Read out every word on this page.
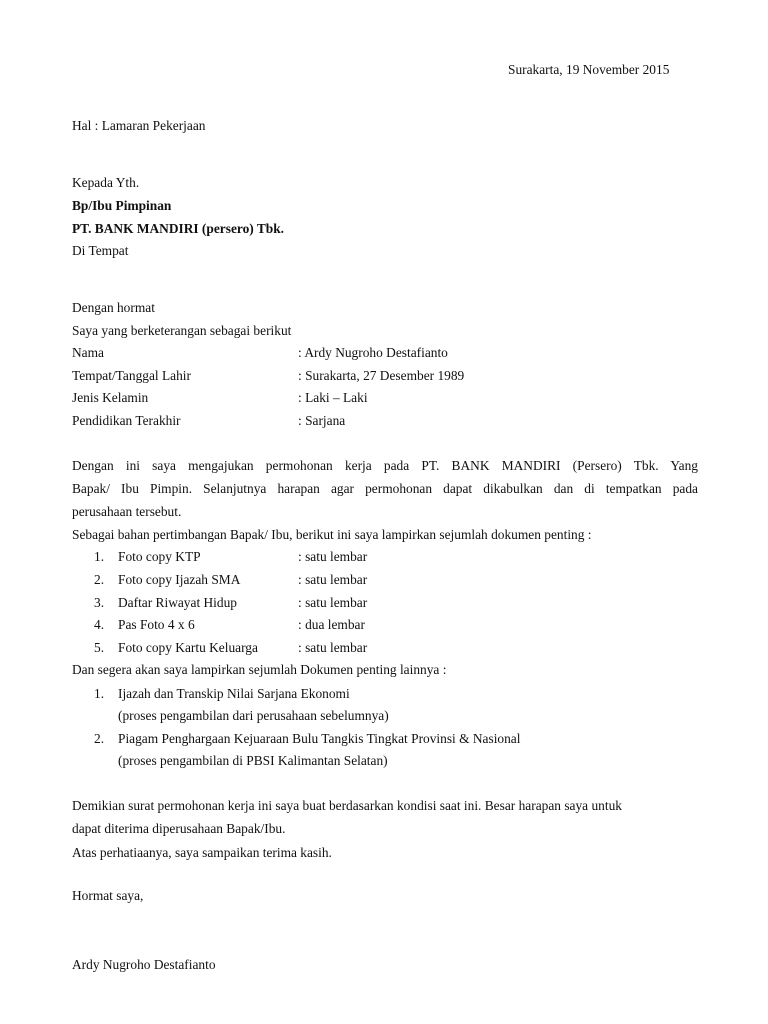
Surakarta, 19 November 2015
Hal : Lamaran Pekerjaan
Kepada Yth.
Bp/Ibu Pimpinan
PT. BANK MANDIRI (persero) Tbk.
Di Tempat
Dengan hormat
Saya yang berketerangan sebagai berikut
Nama	: Ardy Nugroho Destafianto
Tempat/Tanggal Lahir	: Surakarta, 27 Desember 1989
Jenis Kelamin	: Laki – Laki
Pendidikan Terakhir	: Sarjana
Dengan ini saya mengajukan permohonan kerja pada PT. BANK MANDIRI (Persero) Tbk. Yang
Bapak/ Ibu Pimpin. Selanjutnya harapan agar permohonan dapat dikabulkan dan di tempatkan pada
perusahaan tersebut.
Sebagai bahan pertimbangan Bapak/ Ibu, berikut ini saya lampirkan sejumlah dokumen penting :
1. Foto copy KTP	: satu lembar
2. Foto copy Ijazah SMA	: satu lembar
3. Daftar Riwayat Hidup	: satu lembar
4. Pas Foto 4 x 6	: dua lembar
5. Foto copy Kartu Keluarga	: satu lembar
Dan segera akan saya lampirkan sejumlah Dokumen penting lainnya :
1. Ijazah dan Transkip Nilai Sarjana Ekonomi
(proses pengambilan dari perusahaan sebelumnya)
2. Piagam Penghargaan Kejuaraan Bulu Tangkis Tingkat Provinsi & Nasional
(proses pengambilan di PBSI Kalimantan Selatan)
Demikian surat permohonan kerja ini saya buat berdasarkan kondisi saat ini. Besar harapan saya untuk
dapat diterima diperusahaan Bapak/Ibu.
Atas perhatiaanya, saya sampaikan terima kasih.
Hormat saya,
Ardy Nugroho Destafianto
